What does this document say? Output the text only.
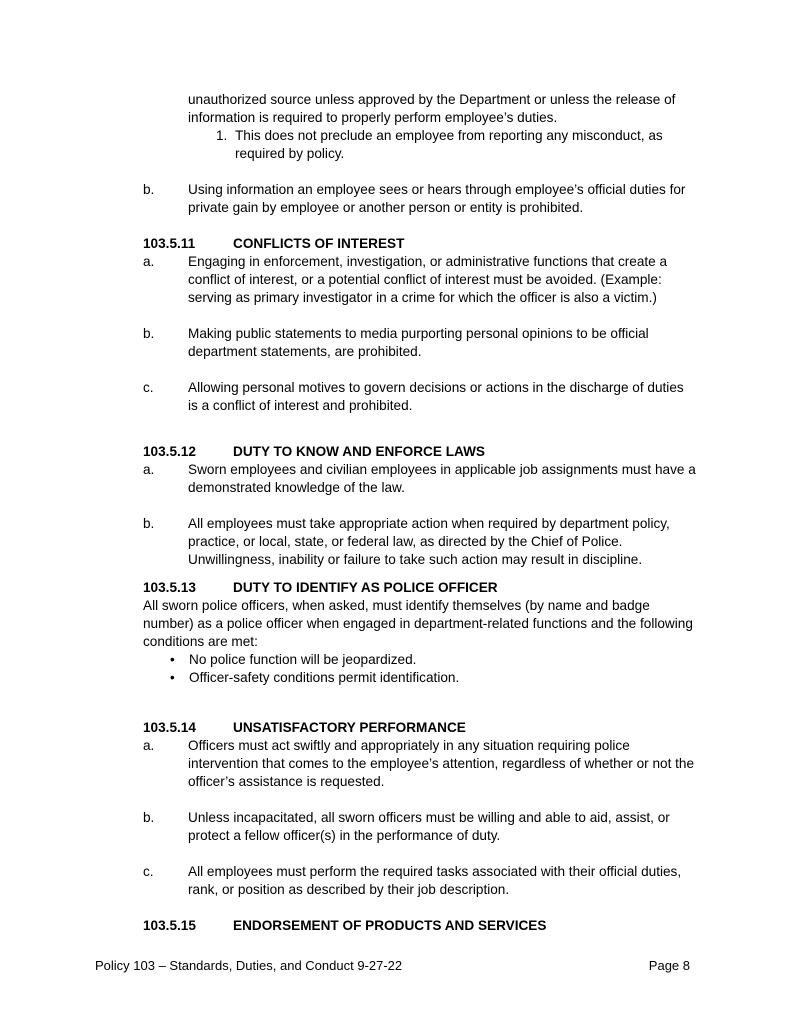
unauthorized source unless approved by the Department or unless the release of information is required to properly perform employee’s duties.
1. This does not preclude an employee from reporting any misconduct, as required by policy.
b.	Using information an employee sees or hears through employee’s official duties for private gain by employee or another person or entity is prohibited.
103.5.11	CONFLICTS OF INTEREST
a.	Engaging in enforcement, investigation, or administrative functions that create a conflict of interest, or a potential conflict of interest must be avoided. (Example: serving as primary investigator in a crime for which the officer is also a victim.)
b.	Making public statements to media purporting personal opinions to be official department statements, are prohibited.
c.	Allowing personal motives to govern decisions or actions in the discharge of duties is a conflict of interest and prohibited.
103.5.12	DUTY TO KNOW AND ENFORCE LAWS
a.	Sworn employees and civilian employees in applicable job assignments must have a demonstrated knowledge of the law.
b.	All employees must take appropriate action when required by department policy, practice, or local, state, or federal law, as directed by the Chief of Police. Unwillingness, inability or failure to take such action may result in discipline.
103.5.13	DUTY TO IDENTIFY AS POLICE OFFICER
All sworn police officers, when asked, must identify themselves (by name and badge number) as a police officer when engaged in department-related functions and the following conditions are met:
•	No police function will be jeopardized.
•	Officer-safety conditions permit identification.
103.5.14	UNSATISFACTORY PERFORMANCE
a.	Officers must act swiftly and appropriately in any situation requiring police intervention that comes to the employee’s attention, regardless of whether or not the officer’s assistance is requested.
b.	Unless incapacitated, all sworn officers must be willing and able to aid, assist, or protect a fellow officer(s) in the performance of duty.
c.	All employees must perform the required tasks associated with their official duties, rank, or position as described by their job description.
103.5.15	ENDORSEMENT OF PRODUCTS AND SERVICES
Policy 103 – Standards, Duties, and Conduct 9-27-22	Page 8
